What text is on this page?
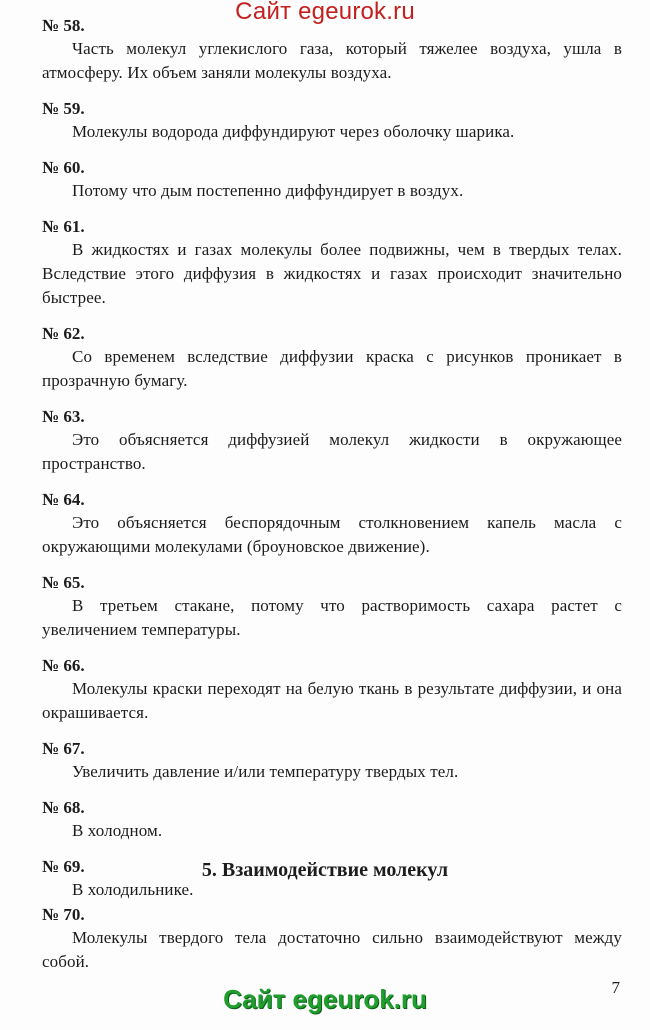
Сайт egeurok.ru

№ 58.

Часть молекул углекислого газа, который тяжелее воздуха, ушла в атмосферу. Их объем заняли молекулы воздуха.

№ 59.

Молекулы водорода диффундируют через оболочку шарика.

№ 60.

Потому что дым постепенно диффундирует в воздух.

№ 61.

В жидкостях и газах молекулы более подвижны, чем в твердых телах. Вследствие этого диффузия в жидкостях и газах происходит значительно быстрее.

№ 62.

Со временем вследствие диффузии краска с рисунков проникает в прозрачную бумагу.

№ 63.

Это объясняется диффузией молекул жидкости в окружающее пространство.

№ 64.

Это объясняется беспорядочным столкновением капель масла с окружающими молекулами (броуновское движение).

№ 65.

В третьем стакане, потому что растворимость сахара растет с увеличением температуры.

№ 66.

Молекулы краски переходят на белую ткань в результате диффузии, и она окрашивается.

№ 67.

Увеличить давление и/или температуру твердых тел.

№ 68.

В холодном.

№ 69.

В холодильнике.

5. Взаимодействие молекул

№ 70.

Молекулы твердого тела достаточно сильно взаимодействуют между собой.

7

Сайт egeurok.ru
